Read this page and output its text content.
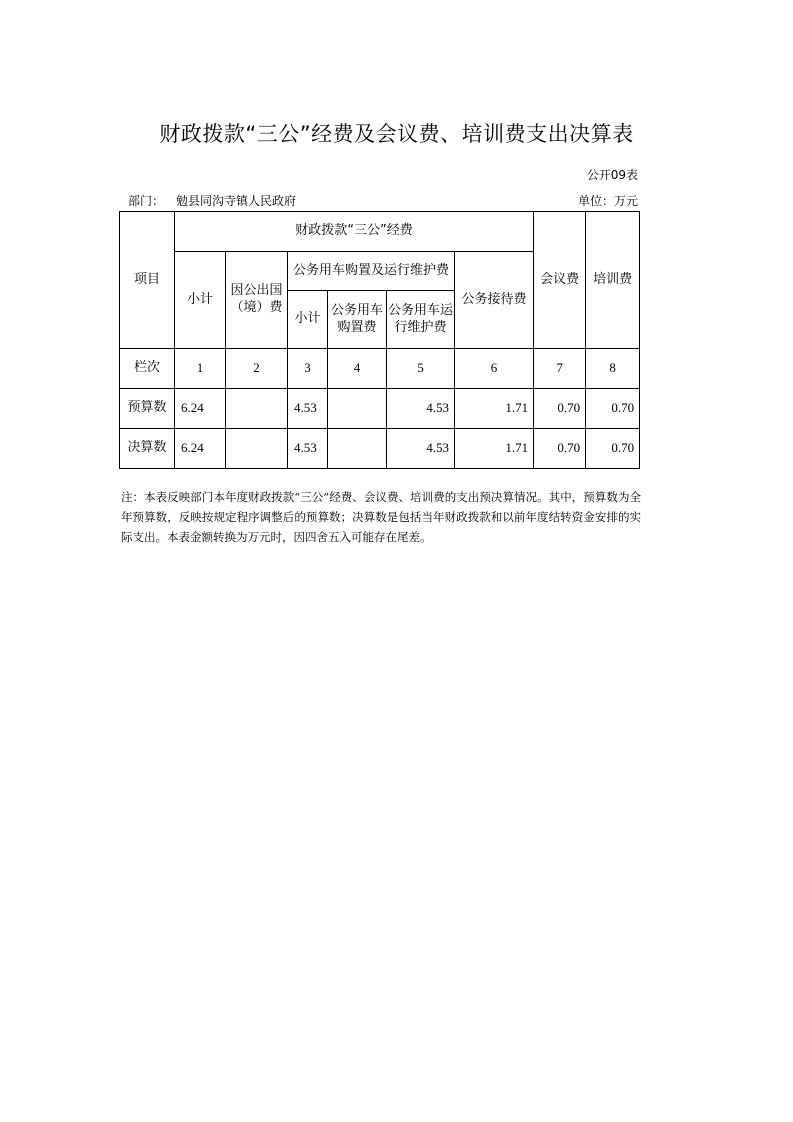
财政拨款“三公”经费及会议费、培训费支出决算表
公开09表
部门： 勉县同沟寺镇人民政府	单位：万元
项目	财政拨款“三公”经费						会议费	培训费
	小计	因公出国（境）费	公务用车购置及运行维护费			公务接待费		
			小计	公务用车购置费	公务用车运行维护费			
栏次	1	2	3	4	5	6	7	8
预算数	6.24		4.53		4.53	1.71	0.70	0.70
决算数	6.24		4.53		4.53	1.71	0.70	0.70
注：本表反映部门本年度财政拨款“三公”经费、会议费、培训费的支出预决算情况。其中，预算数为全年预算数，反映按规定程序调整后的预算数；决算数是包括当年财政拨款和以前年度结转资金安排的实际支出。本表金额转换为万元时，因四舍五入可能存在尾差。
